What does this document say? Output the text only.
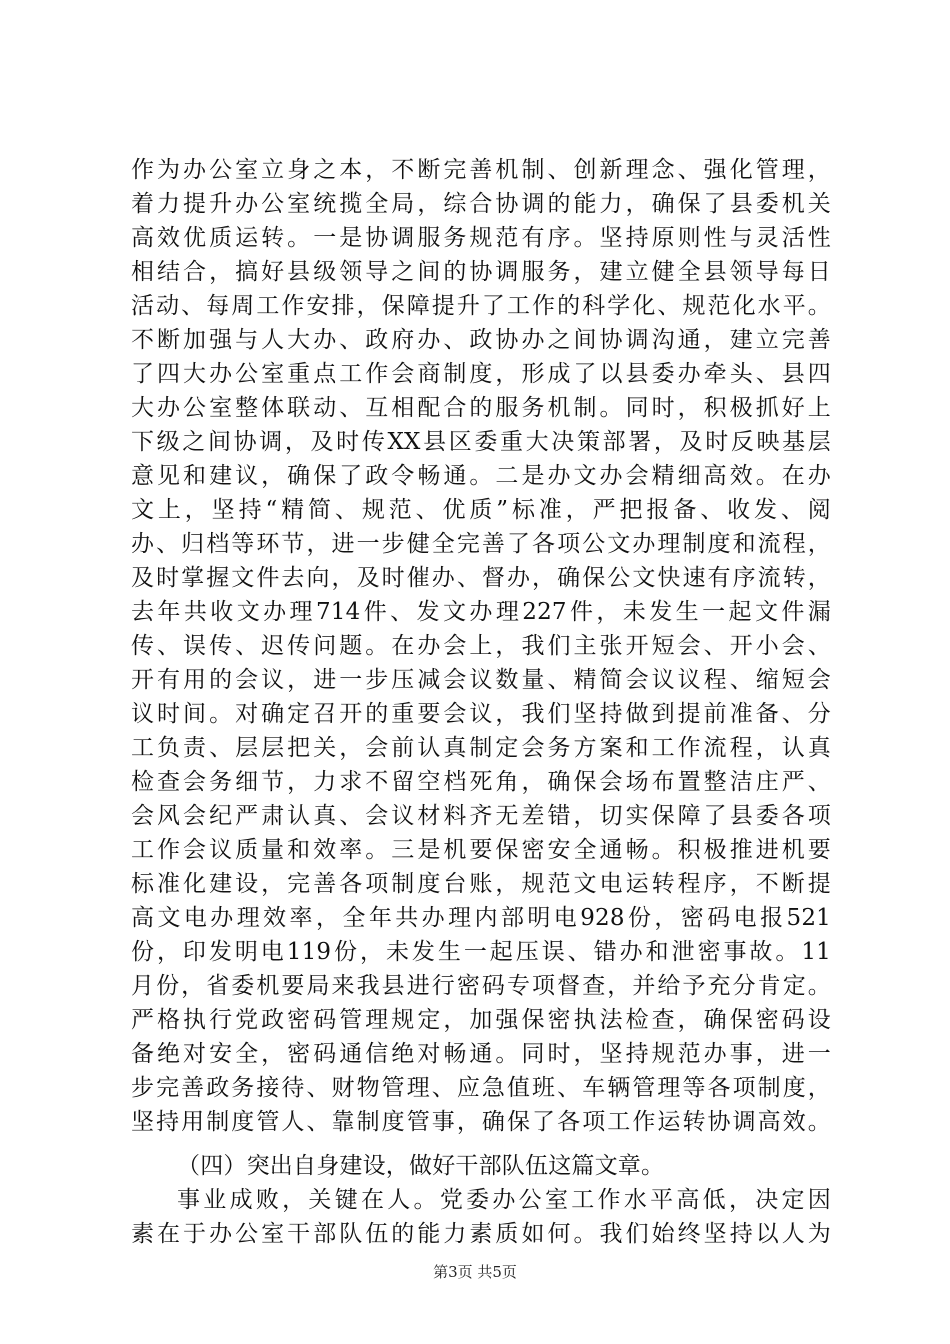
作为办公室立身之本，不断完善机制、创新理念、强化管理，
着力提升办公室统揽全局，综合协调的能力，确保了县委机关
高效优质运转。一是协调服务规范有序。坚持原则性与灵活性
相结合，搞好县级领导之间的协调服务，建立健全县领导每日
活动、每周工作安排，保障提升了工作的科学化、规范化水平。
不断加强与人大办、政府办、政协办之间协调沟通，建立完善
了四大办公室重点工作会商制度，形成了以县委办牵头、县四
大办公室整体联动、互相配合的服务机制。同时，积极抓好上
下级之间协调，及时传XX县区委重大决策部署，及时反映基层
意见和建议，确保了政令畅通。二是办文办会精细高效。在办
文上，坚持“精简、规范、优质”标准，严把报备、收发、阅
办、归档等环节，进一步健全完善了各项公文办理制度和流程，
及时掌握文件去向，及时催办、督办，确保公文快速有序流转，
去年共收文办理714件、发文办理227件，未发生一起文件漏
传、误传、迟传问题。在办会上，我们主张开短会、开小会、
开有用的会议，进一步压减会议数量、精简会议议程、缩短会
议时间。对确定召开的重要会议，我们坚持做到提前准备、分
工负责、层层把关，会前认真制定会务方案和工作流程，认真
检查会务细节，力求不留空档死角，确保会场布置整洁庄严、
会风会纪严肃认真、会议材料齐无差错，切实保障了县委各项
工作会议质量和效率。三是机要保密安全通畅。积极推进机要
标准化建设，完善各项制度台账，规范文电运转程序，不断提
高文电办理效率，全年共办理内部明电928份，密码电报521
份，印发明电119份，未发生一起压误、错办和泄密事故。11
月份，省委机要局来我县进行密码专项督查，并给予充分肯定。
严格执行党政密码管理规定，加强保密执法检查，确保密码设
备绝对安全，密码通信绝对畅通。同时，坚持规范办事，进一
步完善政务接待、财物管理、应急值班、车辆管理等各项制度，
坚持用制度管人、靠制度管事，确保了各项工作运转协调高效。
（四）突出自身建设，做好干部队伍这篇文章。
事业成败，关键在人。党委办公室工作水平高低，决定因
素在于办公室干部队伍的能力素质如何。我们始终坚持以人为
第3页 共5页
